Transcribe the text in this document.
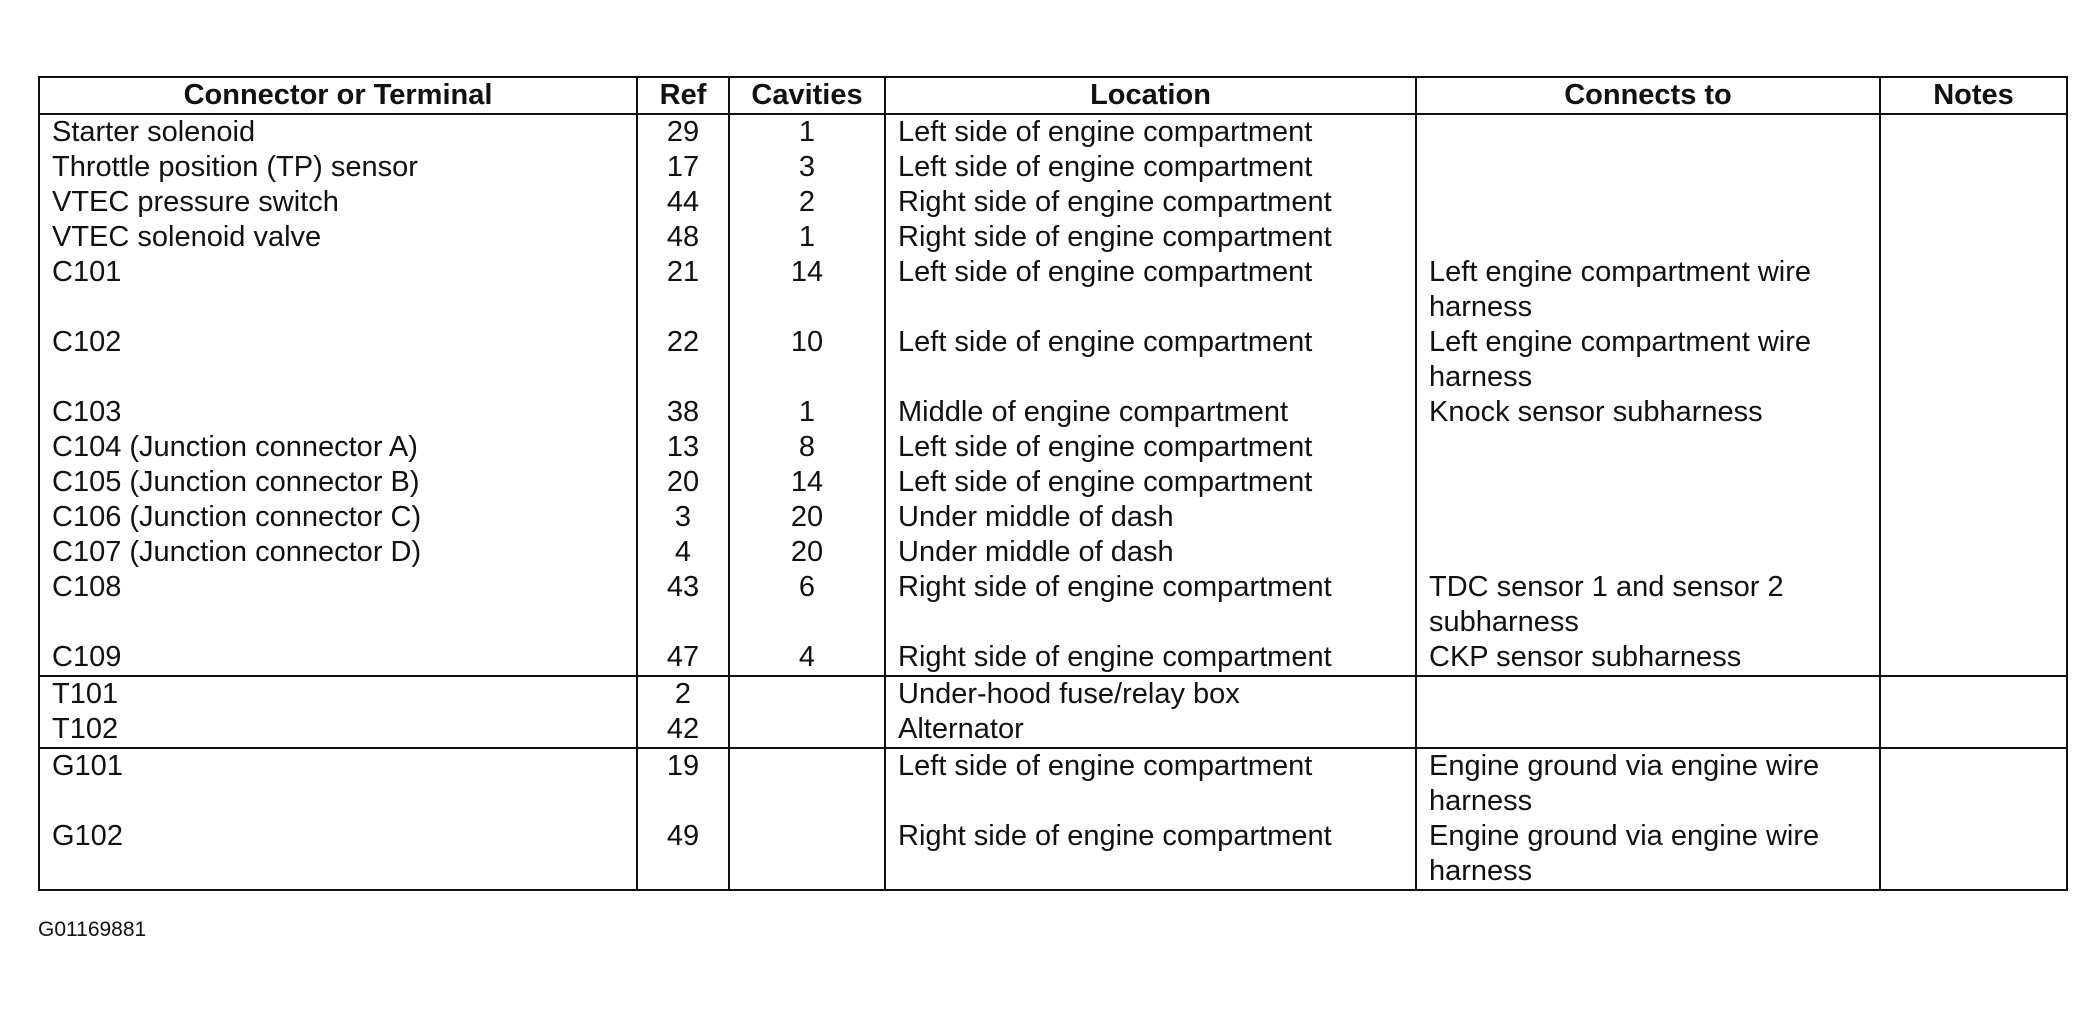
Connector or Terminal	Ref	Cavities	Location	Connects to	Notes
Starter solenoid	29	1	Left side of engine compartment		
Throttle position (TP) sensor	17	3	Left side of engine compartment		
VTEC pressure switch	44	2	Right side of engine compartment		
VTEC solenoid valve	48	1	Right side of engine compartment		
C101	21	14	Left side of engine compartment	Left engine compartment wire harness	
C102	22	10	Left side of engine compartment	Left engine compartment wire harness	
C103	38	1	Middle of engine compartment	Knock sensor subharness	
C104 (Junction connector A)	13	8	Left side of engine compartment		
C105 (Junction connector B)	20	14	Left side of engine compartment		
C106 (Junction connector C)	3	20	Under middle of dash		
C107 (Junction connector D)	4	20	Under middle of dash		
C108	43	6	Right side of engine compartment	TDC sensor 1 and sensor 2 subharness	
C109	47	4	Right side of engine compartment	CKP sensor subharness	
T101	2		Under-hood fuse/relay box		
T102	42		Alternator		
G101	19		Left side of engine compartment	Engine ground via engine wire harness	
G102	49		Right side of engine compartment	Engine ground via engine wire harness	
G01169881
